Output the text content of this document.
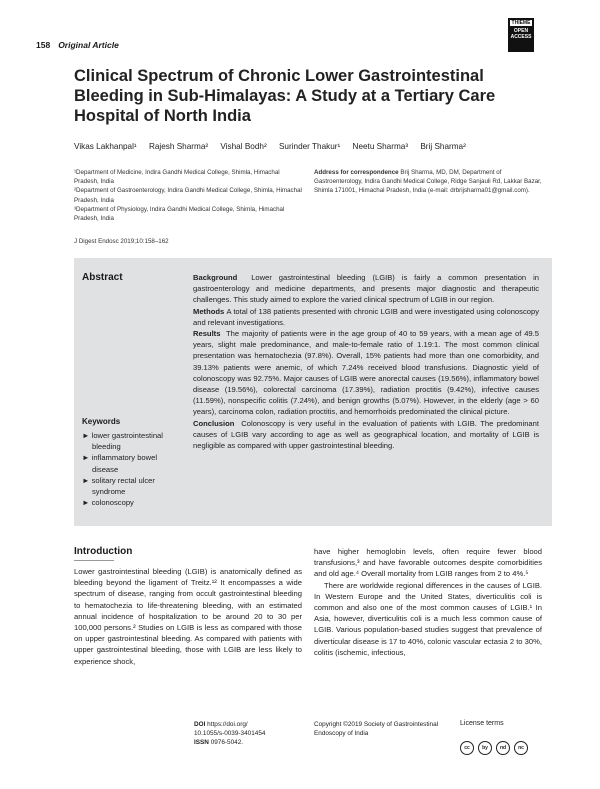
158 Original Article
THIEME
OPEN
ACCESS
Clinical Spectrum of Chronic Lower Gastrointestinal Bleeding in Sub-Himalayas: A Study at a Tertiary Care Hospital of North India
Vikas Lakhanpal¹ Rajesh Sharma² Vishal Bodh² Surinder Thakur¹ Neetu Sharma³ Brij Sharma²
¹Department of Medicine, Indira Gandhi Medical College, Shimla, Himachal Pradesh, India
²Department of Gastroenterology, Indira Gandhi Medical College, Shimla, Himachal Pradesh, India
³Department of Physiology, Indira Gandhi Medical College, Shimla, Himachal Pradesh, India
Address for correspondence Brij Sharma, MD, DM, Department of Gastroenterology, Indira Gandhi Medical College, Ridge Sanjauli Rd, Lakkar Bazar, Shimla 171001, Himachal Pradesh, India (e-mail: drbrijsharma01@gmail.com).
J Digest Endosc 2019;10:158–162
Abstract	Background Lower gastrointestinal bleeding (LGIB) is fairly a common presentation in gastroenterology and medicine departments, and presents major diagnostic and therapeutic challenges. This study aimed to explore the varied clinical spectrum of LGIB in our region.

Methods A total of 138 patients presented with chronic LGIB and were investigated using colonoscopy and relevant investigations.

Results The majority of patients were in the age group of 40 to 59 years, with a mean age of 49.5 years, slight male predominance, and male-to-female ratio of 1.19:1. The most common clinical presentation was hematochezia (97.8%). Overall, 15% patients had more than one comorbidity, and 39.13% patients were anemic, of which 7.24% received blood transfusions. Diagnostic yield of colonoscopy was 92.75%. Major causes of LGIB were anorectal causes (19.56%), inflammatory bowel disease (19.56%), colorectal carcinoma (17.39%), radiation proctitis (9.42%), infective causes (11.59%), nonspecific colitis (7.24%), and benign growths (5.07%). However, in the elderly (age > 60 years), carcinoma colon, radiation proctitis, and hemorrhoids predominated the clinical picture.

Conclusion Colonoscopy is very useful in the evaluation of patients with LGIB. The predominant causes of LGIB vary according to age as well as geographical location, and mortality of LGIB is negligible as compared with upper gastrointestinal bleeding.

Keywords
► lower gastrointestinal bleeding
► inflammatory bowel disease
► solitary rectal ulcer syndrome
► colonoscopy
Introduction
Lower gastrointestinal bleeding (LGIB) is anatomically defined as bleeding beyond the ligament of Treitz.¹² It encompasses a wide spectrum of disease, ranging from occult gastrointestinal bleeding to hematochezia to life-threatening bleeding, with an estimated annual incidence of hospitalization to be around 20 to 30 per 100,000 persons.² Studies on LGIB is less as compared with those on upper gastrointestinal bleeding. As compared with patients with upper gastrointestinal bleeding, those with LGIB are less likely to experience shock,

have higher hemoglobin levels, often require fewer blood transfusions,³ and have favorable outcomes despite comorbidities and old age.⁴ Overall mortality from LGIB ranges from 2 to 4%.⁵

There are worldwide regional differences in the causes of LGIB. In Western Europe and the United States, diverticulitis coli is common and also one of the most common causes of LGIB.¹ In Asia, however, diverticulitis coli is a much less common cause of LGIB. Various population-based studies suggest that prevalence of diverticular disease is 17 to 40%, colonic vascular ectasia 2 to 30%, colitis (ischemic, infectious,

DOI https://doi.org/
10.1055/s-0039-3401454
ISSN 0976-5042.
Copyright ©2019 Society of Gastrointestinal Endoscopy of India
License terms
cc by nd nc
